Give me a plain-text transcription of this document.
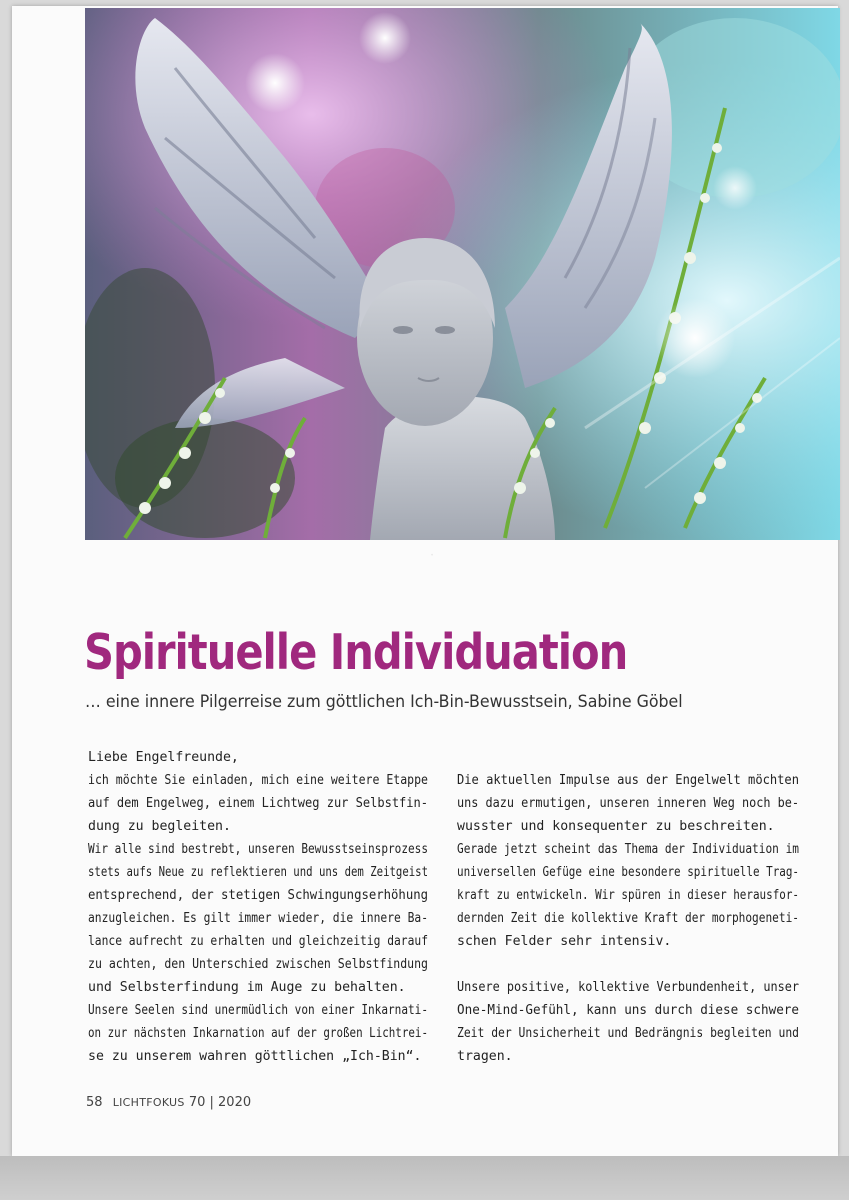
·
Spirituelle Individuation

… eine innere Pilgerreise zum göttlichen Ich-Bin-Bewusstsein, Sabine Göbel

Liebe Engelfreunde,
ich möchte Sie einladen, mich eine weitere Etappe
auf dem Engelweg, einem Lichtweg zur Selbstfin-
dung zu begleiten.

Wir alle sind bestrebt, unseren Bewusstseinsprozess
stets aufs Neue zu reflektieren und uns dem Zeitgeist
entsprechend, der stetigen Schwingungserhöhung
anzugleichen. Es gilt immer wieder, die innere Ba-
lance aufrecht zu erhalten und gleichzeitig darauf
zu achten, den Unterschied zwischen Selbstfindung
und Selbsterfindung im Auge zu behalten.

Unsere Seelen sind unermüdlich von einer Inkarnati-
on zur nächsten Inkarnation auf der großen Lichtrei-
se zu unserem wahren göttlichen „Ich-Bin“.

Die aktuellen Impulse aus der Engelwelt möchten
uns dazu ermutigen, unseren inneren Weg noch be-
wusster und konsequenter zu beschreiten.

Gerade jetzt scheint das Thema der Individuation im
universellen Gefüge eine besondere spirituelle Trag-
kraft zu entwickeln. Wir spüren in dieser herausfor-
dernden Zeit die kollektive Kraft der morphogeneti-
schen Felder sehr intensiv.

Unsere positive, kollektive Verbundenheit, unser
One-Mind-Gefühl, kann uns durch diese schwere
Zeit der Unsicherheit und Bedrängnis begleiten und
tragen.

58 LICHTFOKUS 70 | 2020
